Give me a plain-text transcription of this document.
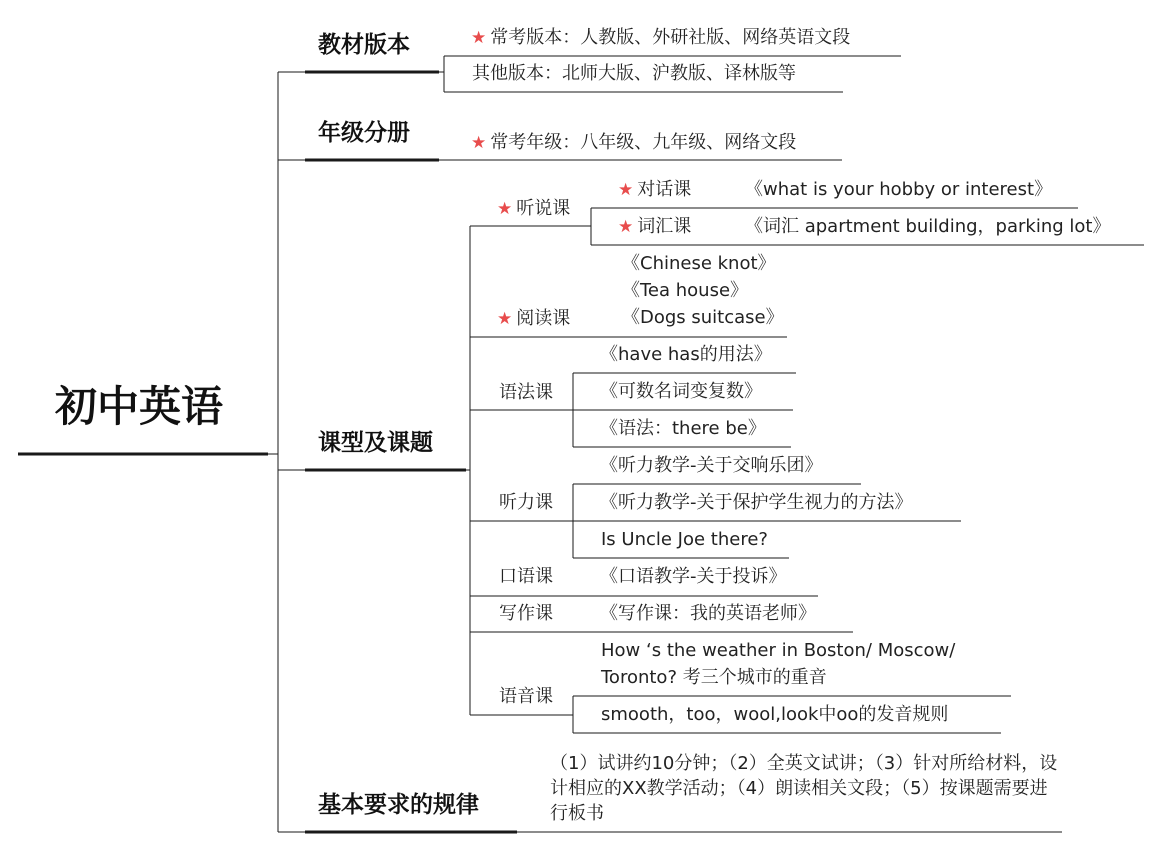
初中英语
教材版本
年级分册
课型及课题
基本要求的规律
★ 常考版本：人教版、外研社版、网络英语文段
其他版本：北师大版、沪教版、译林版等
★ 常考年级：八年级、九年级、网络文段
★ 听说课
★ 阅读课
语法课
听力课
口语课
写作课
语音课
★ 对话课	《what is your hobby or interest》
★ 词汇课	《词汇 apartment building，parking lot》
《Chinese knot》
《Tea house》
《Dogs suitcase》
《have has的用法》
《可数名词变复数》
《语法：there be》
《听力教学-关于交响乐团》
《听力教学-关于保护学生视力的方法》
Is Uncle Joe there?
《口语教学-关于投诉》
《写作课：我的英语老师》
How ‘s the weather in Boston/ Moscow/
Toronto? 考三个城市的重音
smooth，too，wool,look中oo的发音规则
（1）试讲约10分钟；（2）全英文试讲；（3）针对所给材料，设计相应的XX教学活动；（4）朗读相关文段；（5）按课题需要进行板书
